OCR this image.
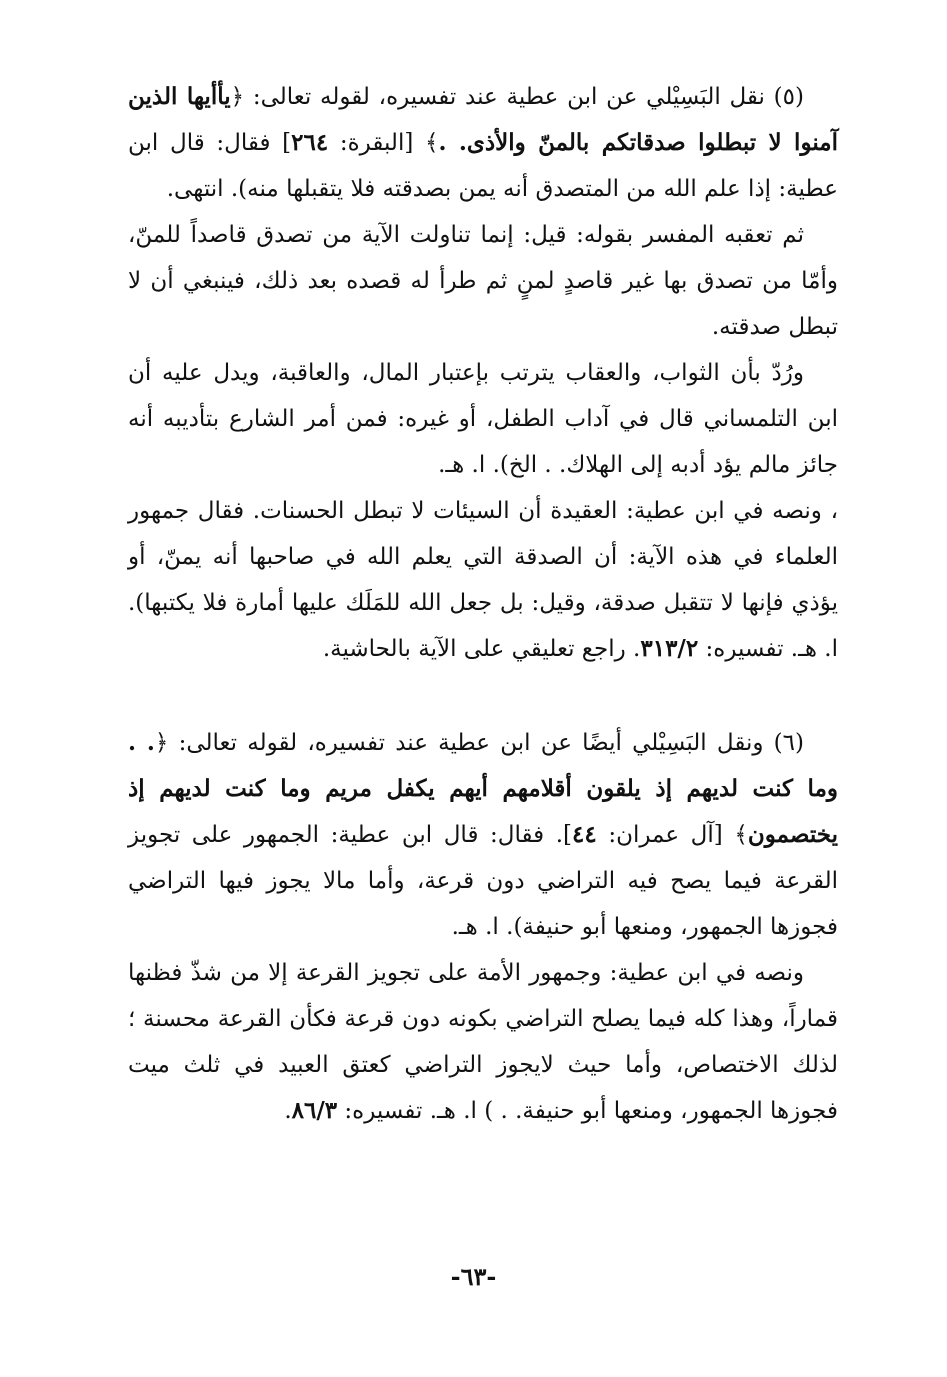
(٥) نقل البَسِيْلي عن ابن عطية عند تفسيره، لقوله تعالى: ﴿يأأيها الذين آمنوا لا تبطلوا صدقاتكم بالمنّ والأذى. .﴾ [البقرة: ٢٦٤] فقال: قال ابن عطية: إذا علم الله من المتصدق أنه يمن بصدقته فلا يتقبلها منه). انتهى.

ثم تعقبه المفسر بقوله: قيل: إنما تناولت الآية من تصدق قاصداً للمنّ، وأمّا من تصدق بها غير قاصدٍ لمنٍ ثم طرأ له قصده بعد ذلك، فينبغي أن لا تبطل صدقته.

ورُدّ بأن الثواب، والعقاب يترتب بإعتبار المال، والعاقبة، ويدل عليه أن ابن التلمساني قال في آداب الطفل، أو غيره: فمن أمر الشارع بتأديبه أنه جائز مالم يؤد أدبه إلى الهلاك. . الخ). ا. هـ.

، ونصه في ابن عطية: العقيدة أن السيئات لا تبطل الحسنات. فقال جمهور العلماء في هذه الآية: أن الصدقة التي يعلم الله في صاحبها أنه يمنّ، أو يؤذي فإنها لا تتقبل صدقة، وقيل: بل جعل الله للمَلَك عليها أمارة فلا يكتبها). ا. هـ. تفسيره: ٣١٣/٢. راجع تعليقي على الآية بالحاشية.

(٦) ونقل البَسِيْلي أيضًا عن ابن عطية عند تفسيره، لقوله تعالى: ﴿. . وما كنت لديهم إذ يلقون أقلامهم أيهم يكفل مريم وما كنت لديهم إذ يختصمون﴾ [آل عمران: ٤٤]. فقال: قال ابن عطية: الجمهور على تجويز القرعة فيما يصح فيه التراضي دون قرعة، وأما مالا يجوز فيها التراضي فجوزها الجمهور، ومنعها أبو حنيفة). ا. هـ.

ونصه في ابن عطية: وجمهور الأمة على تجويز القرعة إلا من شذّ فظنها قماراً، وهذا كله فيما يصلح التراضي بكونه دون قرعة فكأن القرعة محسنة ؛ لذلك الاختصاص، وأما حيث لايجوز التراضي كعتق العبيد في ثلث ميت فجوزها الجمهور، ومنعها أبو حنيفة. . ) ا. هـ. تفسيره: ٨٦/٣.

-٦٣-
